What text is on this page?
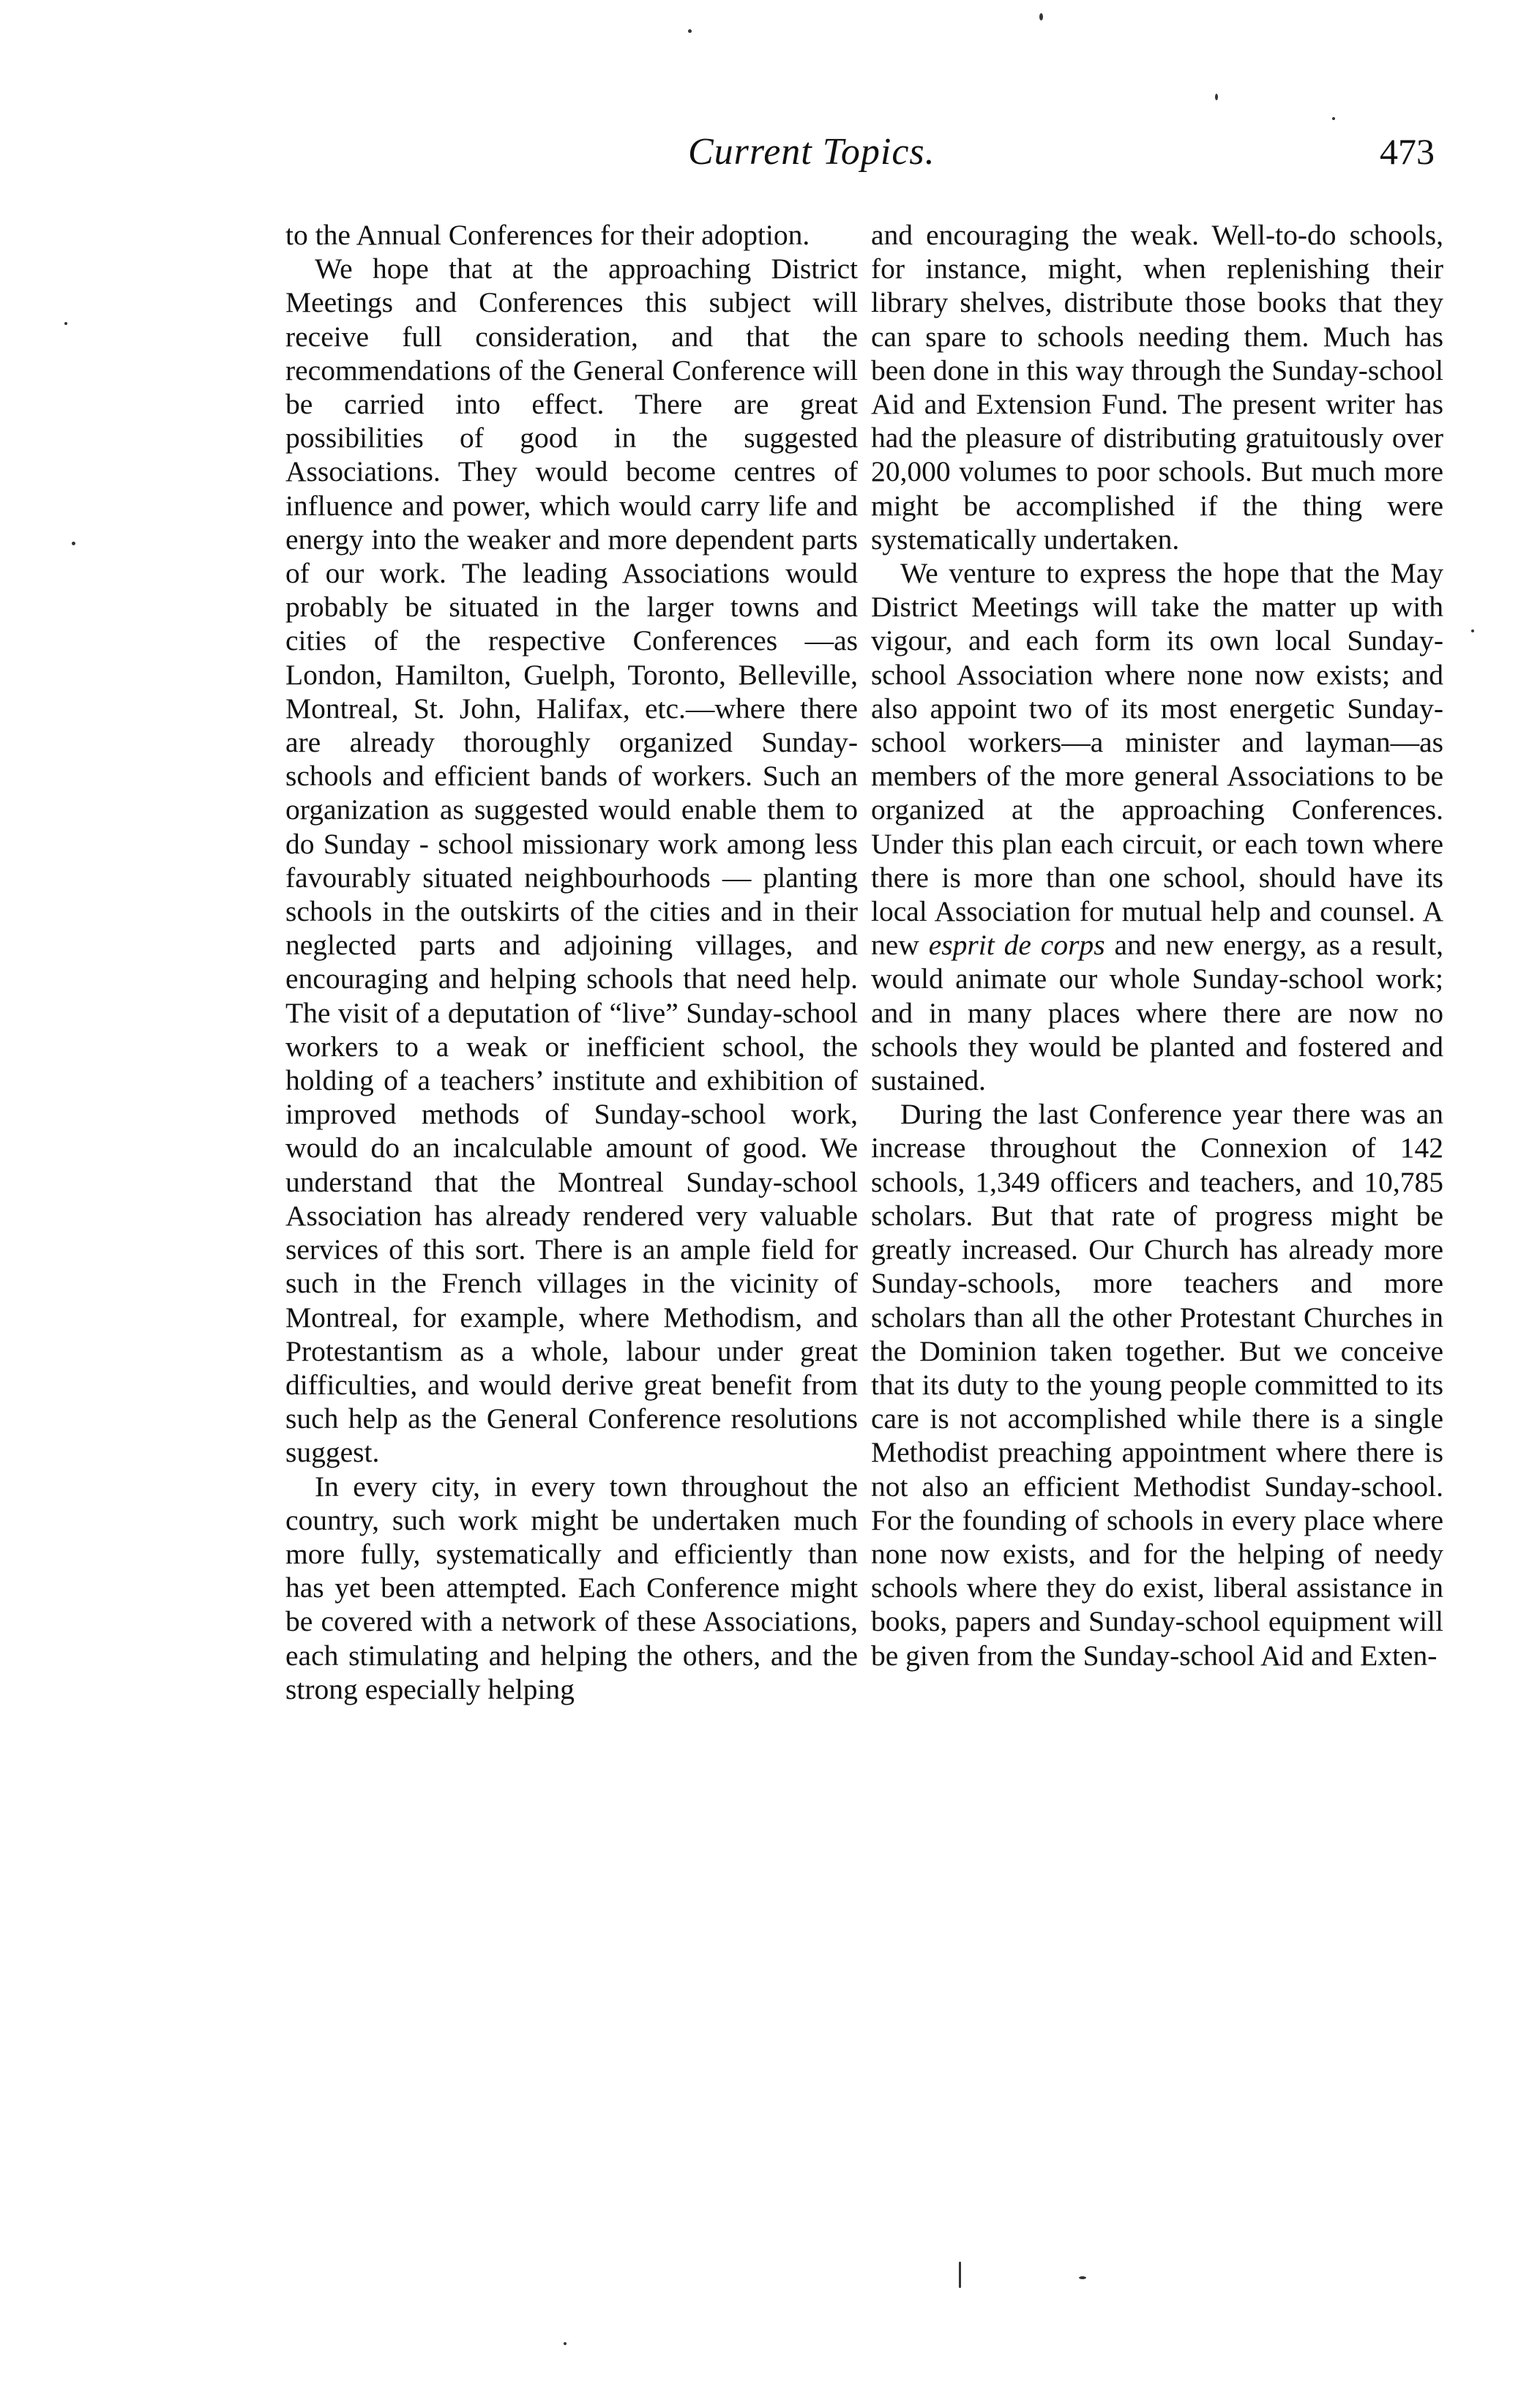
Current Topics.	473

to the Annual Conferences for their adoption.

We hope that at the approaching District Meetings and Conferences this subject will receive full consideration, and that the recommendations of the General Conference will be carried into effect. There are great possibilities of good in the suggested Associations. They would become centres of influence and power, which would carry life and energy into the weaker and more dependent parts of our work. The leading Associations would probably be situated in the larger towns and cities of the respective Conferences —as London, Hamilton, Guelph, Toronto, Belleville, Montreal, St. John, Halifax, etc.—where there are already thoroughly organized Sunday-schools and efficient bands of workers. Such an organization as suggested would enable them to do Sunday - school missionary work among less favourably situated neighbourhoods — planting schools in the outskirts of the cities and in their neglected parts and adjoining villages, and encouraging and helping schools that need help. The visit of a deputation of “live” Sunday-school workers to a weak or inefficient school, the holding of a teachers’ institute and exhibition of improved methods of Sunday-school work, would do an incalculable amount of good. We understand that the Montreal Sunday-school Association has already rendered very valuable services of this sort. There is an ample field for such in the French villages in the vicinity of Montreal, for example, where Methodism, and Protestantism as a whole, labour under great difficulties, and would derive great benefit from such help as the General Conference resolutions suggest.

In every city, in every town throughout the country, such work might be undertaken much more fully, systematically and efficiently than has yet been attempted. Each Conference might be covered with a network of these Associations, each stimulating and helping the others, and the strong especially helping

and encouraging the weak. Well-to-do schools, for instance, might, when replenishing their library shelves, distribute those books that they can spare to schools needing them. Much has been done in this way through the Sunday-school Aid and Extension Fund. The present writer has had the pleasure of distributing gratuitously over 20,000 volumes to poor schools. But much more might be accomplished if the thing were systematically undertaken.

We venture to express the hope that the May District Meetings will take the matter up with vigour, and each form its own local Sunday-school Association where none now exists; and also appoint two of its most energetic Sunday-school workers—a minister and layman—as members of the more general Associations to be organized at the approaching Conferences. Under this plan each circuit, or each town where there is more than one school, should have its local Association for mutual help and counsel. A new esprit de corps and new energy, as a result, would animate our whole Sunday-school work; and in many places where there are now no schools they would be planted and fostered and sustained.

During the last Conference year there was an increase throughout the Connexion of 142 schools, 1,349 officers and teachers, and 10,785 scholars. But that rate of progress might be greatly increased. Our Church has already more Sunday-schools, more teachers and more scholars than all the other Protestant Churches in the Dominion taken together. But we conceive that its duty to the young people committed to its care is not accomplished while there is a single Methodist preaching appointment where there is not also an efficient Methodist Sunday-school. For the founding of schools in every place where none now exists, and for the helping of needy schools where they do exist, liberal assistance in books, papers and Sunday-school equipment will be given from the Sunday-school Aid and Exten-
